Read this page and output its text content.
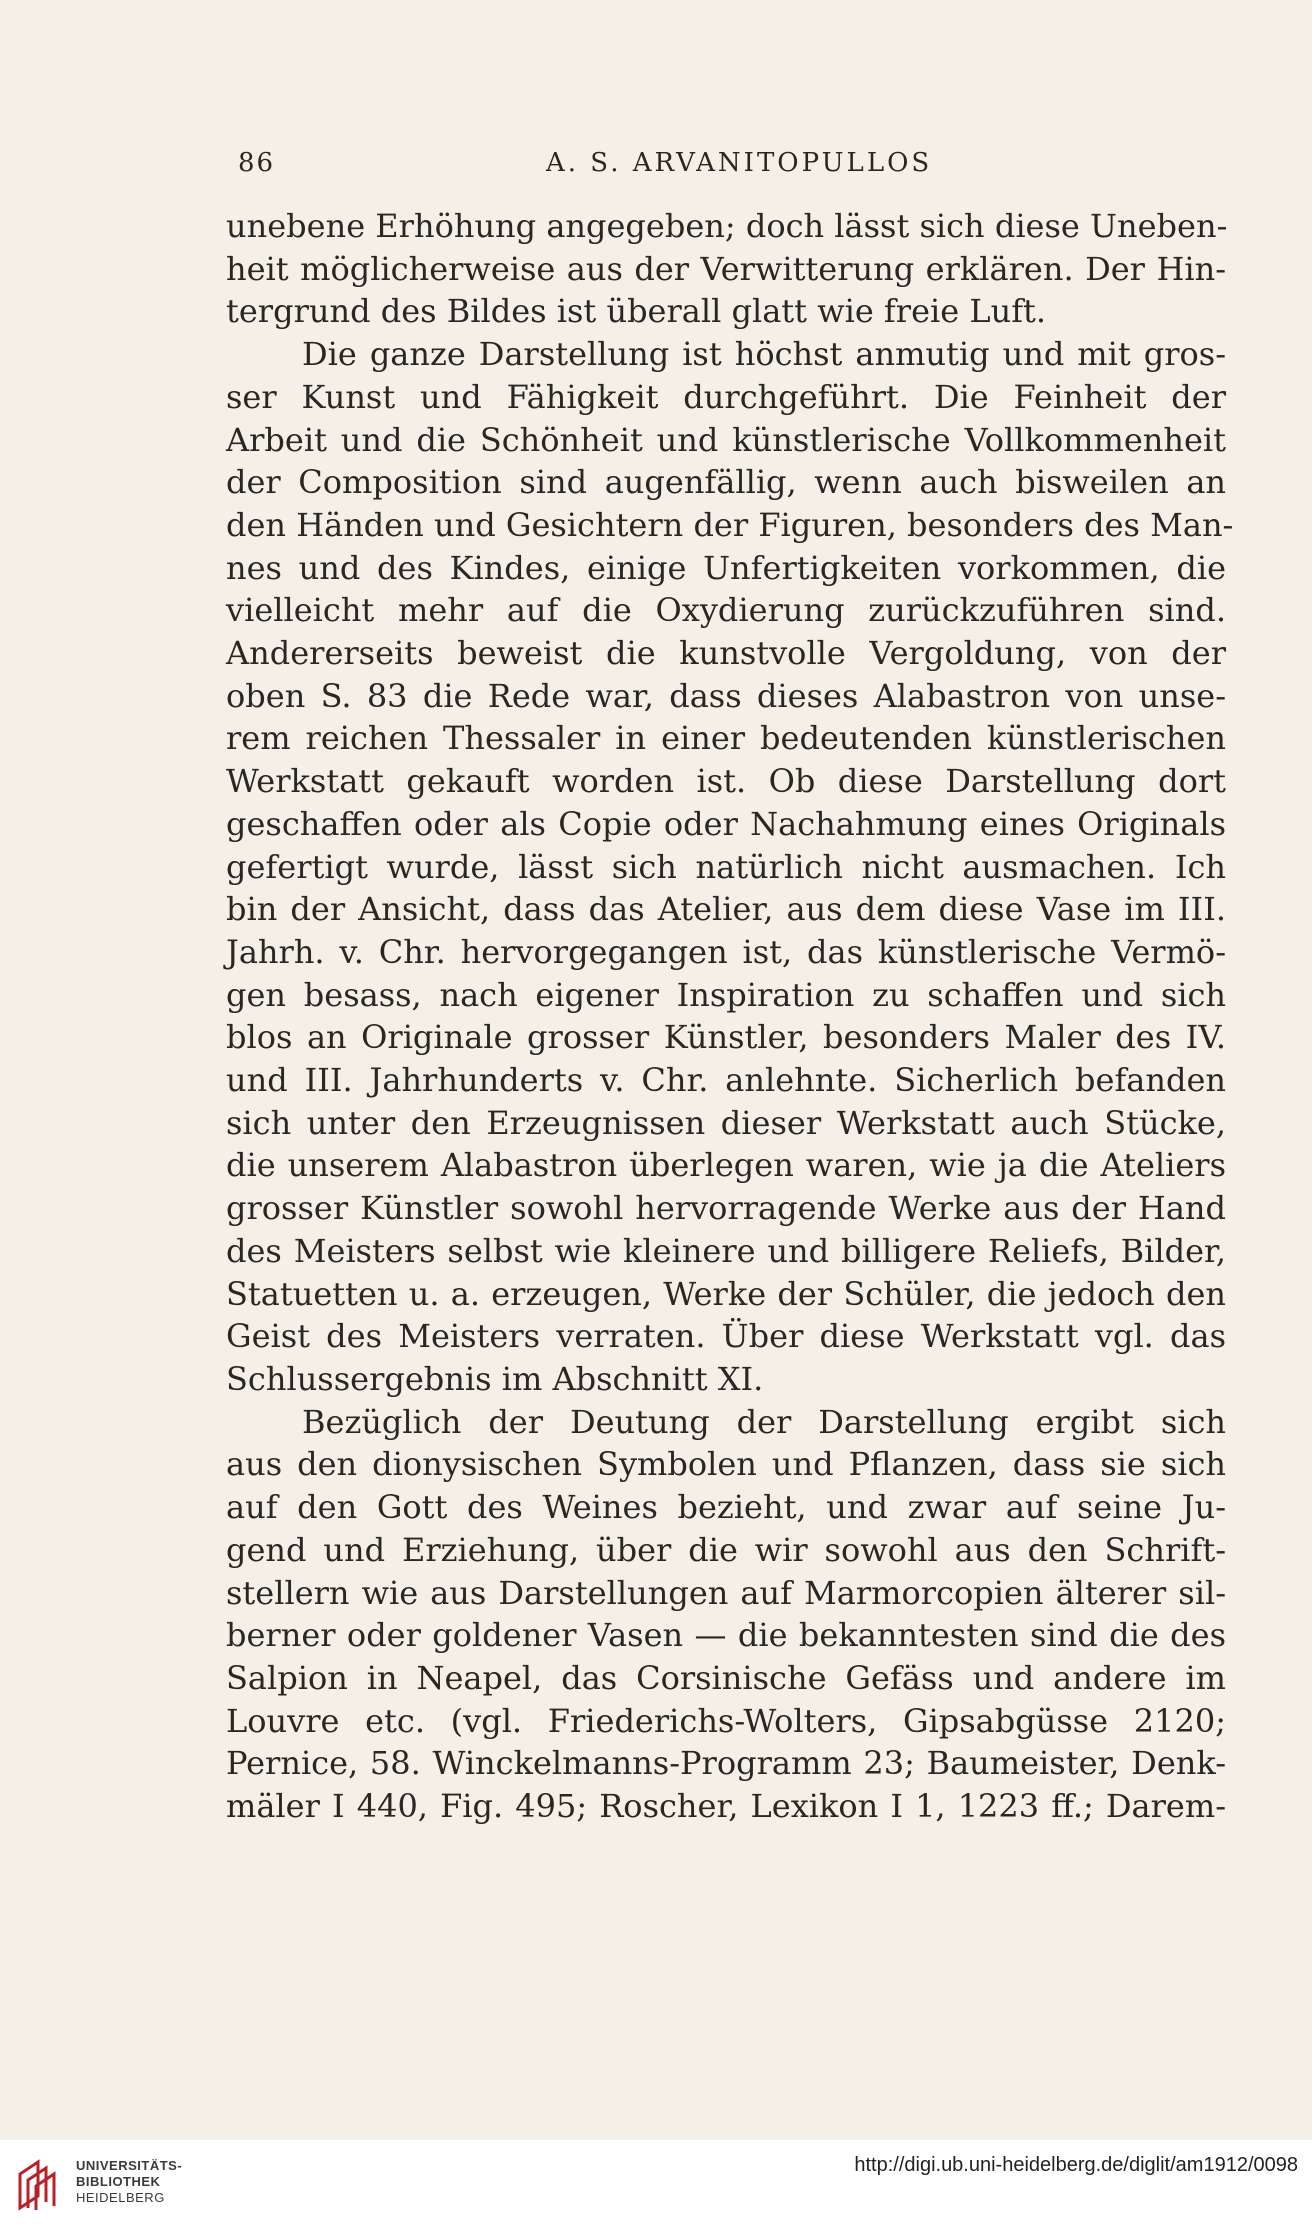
86	A. S. ARVANITOPULLOS
unebene Erhöhung angegeben; doch lässt sich diese Uneben-
heit möglicherweise aus der Verwitterung erklären. Der Hin-
tergrund des Bildes ist überall glatt wie freie Luft.
Die ganze Darstellung ist höchst anmutig und mit gros-
ser Kunst und Fähigkeit durchgeführt. Die Feinheit der
Arbeit und die Schönheit und künstlerische Vollkommenheit
der Composition sind augenfällig, wenn auch bisweilen an
den Händen und Gesichtern der Figuren, besonders des Man-
nes und des Kindes, einige Unfertigkeiten vorkommen, die
vielleicht mehr auf die Oxydierung zurückzuführen sind.
Andererseits beweist die kunstvolle Vergoldung, von der
oben S. 83 die Rede war, dass dieses Alabastron von unse-
rem reichen Thessaler in einer bedeutenden künstlerischen
Werkstatt gekauft worden ist. Ob diese Darstellung dort
geschaffen oder als Copie oder Nachahmung eines Originals
gefertigt wurde, lässt sich natürlich nicht ausmachen. Ich
bin der Ansicht, dass das Atelier, aus dem diese Vase im III.
Jahrh. v. Chr. hervorgegangen ist, das künstlerische Vermö-
gen besass, nach eigener Inspiration zu schaffen und sich
blos an Originale grosser Künstler, besonders Maler des IV.
und III. Jahrhunderts v. Chr. anlehnte. Sicherlich befanden
sich unter den Erzeugnissen dieser Werkstatt auch Stücke,
die unserem Alabastron überlegen waren, wie ja die Ateliers
grosser Künstler sowohl hervorragende Werke aus der Hand
des Meisters selbst wie kleinere und billigere Reliefs, Bilder,
Statuetten u. a. erzeugen, Werke der Schüler, die jedoch den
Geist des Meisters verraten. Über diese Werkstatt vgl. das
Schlussergebnis im Abschnitt XI.
Bezüglich der Deutung der Darstellung ergibt sich
aus den dionysischen Symbolen und Pflanzen, dass sie sich
auf den Gott des Weines bezieht, und zwar auf seine Ju-
gend und Erziehung, über die wir sowohl aus den Schrift-
stellern wie aus Darstellungen auf Marmorcopien älterer sil-
berner oder goldener Vasen — die bekanntesten sind die des
Salpion in Neapel, das Corsinische Gefäss und andere im
Louvre etc. (vgl. Friederichs-Wolters, Gipsabgüsse 2120;
Pernice, 58. Winckelmanns-Programm 23; Baumeister, Denk-
mäler I 440, Fig. 495; Roscher, Lexikon I 1, 1223 ff.; Darem-
UNIVERSITÄTS-
BIBLIOTHEK
HEIDELBERG
http://digi.ub.uni-heidelberg.de/diglit/am1912/0098
